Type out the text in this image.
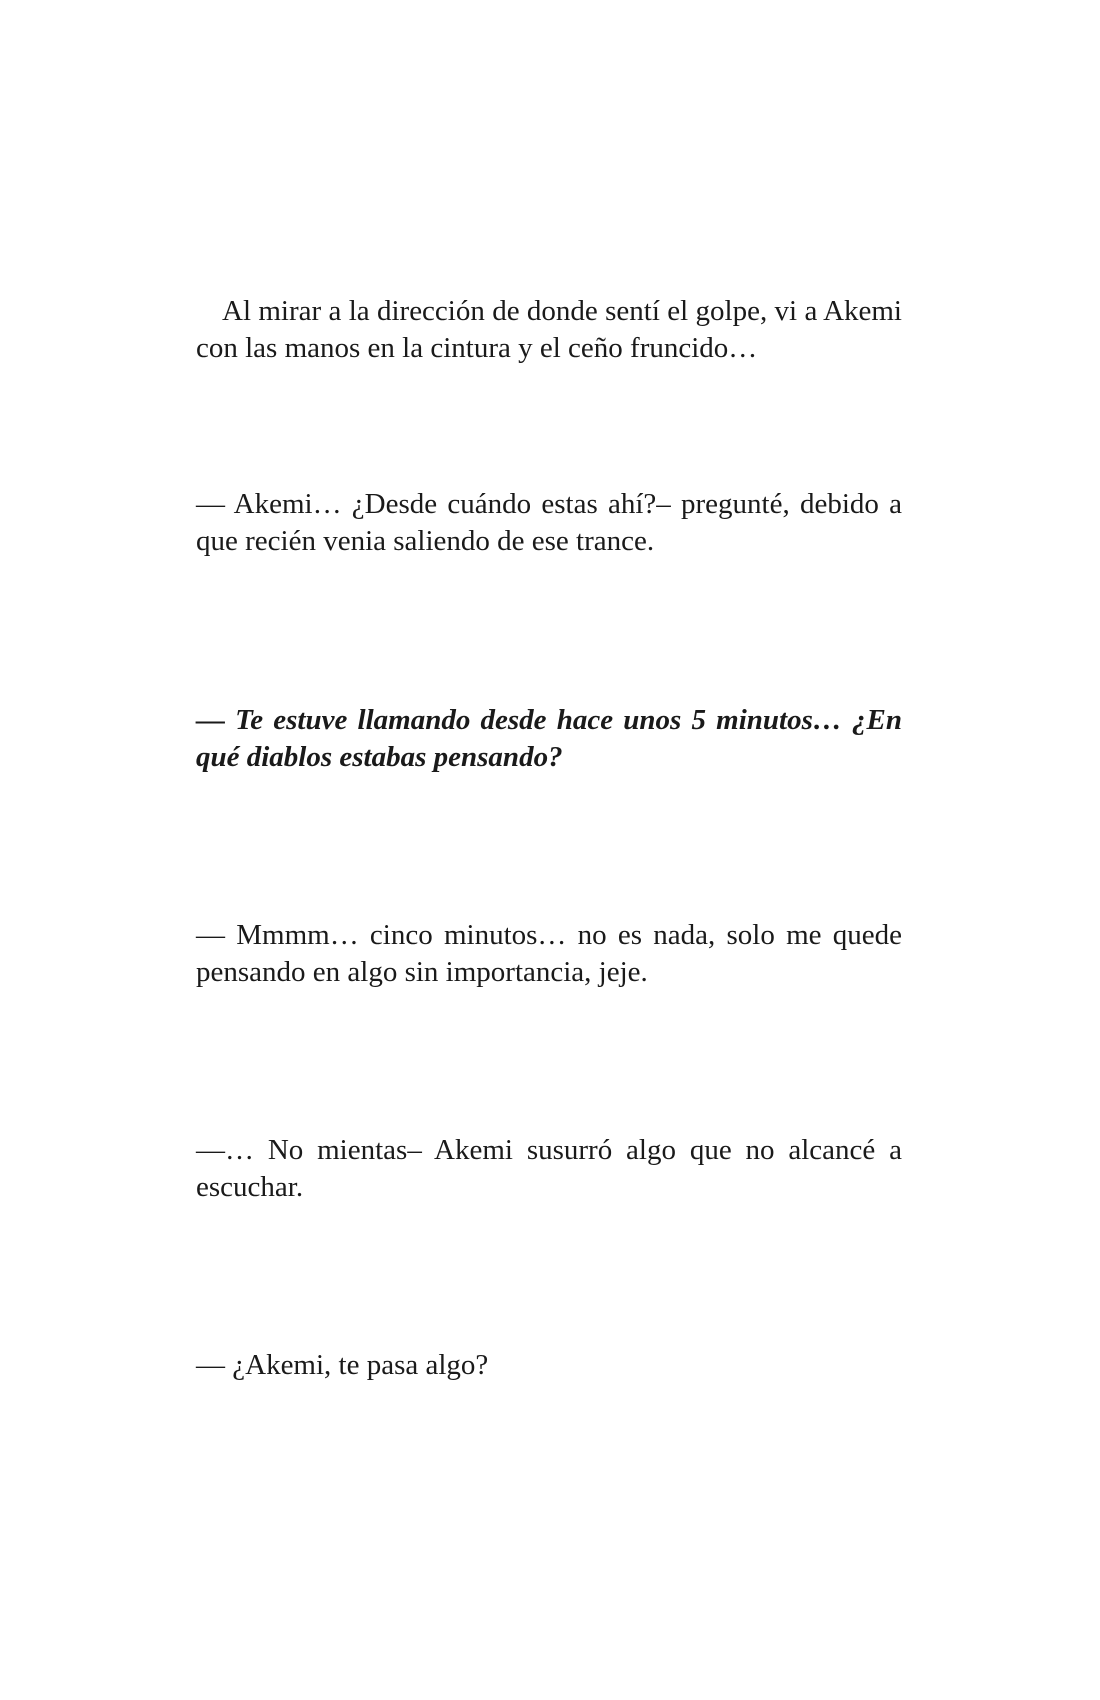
Al mirar a la dirección de donde sentí el golpe, vi a Akemi con las manos en la cintura y el ceño fruncido…

— Akemi… ¿Desde cuándo estas ahí?– pregunté, debido a que recién venia saliendo de ese trance.

— Te estuve llamando desde hace unos 5 minutos… ¿En qué diablos estabas pensando?

— Mmmm… cinco minutos… no es nada, solo me quede pensando en algo sin importancia, jeje.

—… No mientas– Akemi susurró algo que no alcancé a escuchar.

— ¿Akemi, te pasa algo?
